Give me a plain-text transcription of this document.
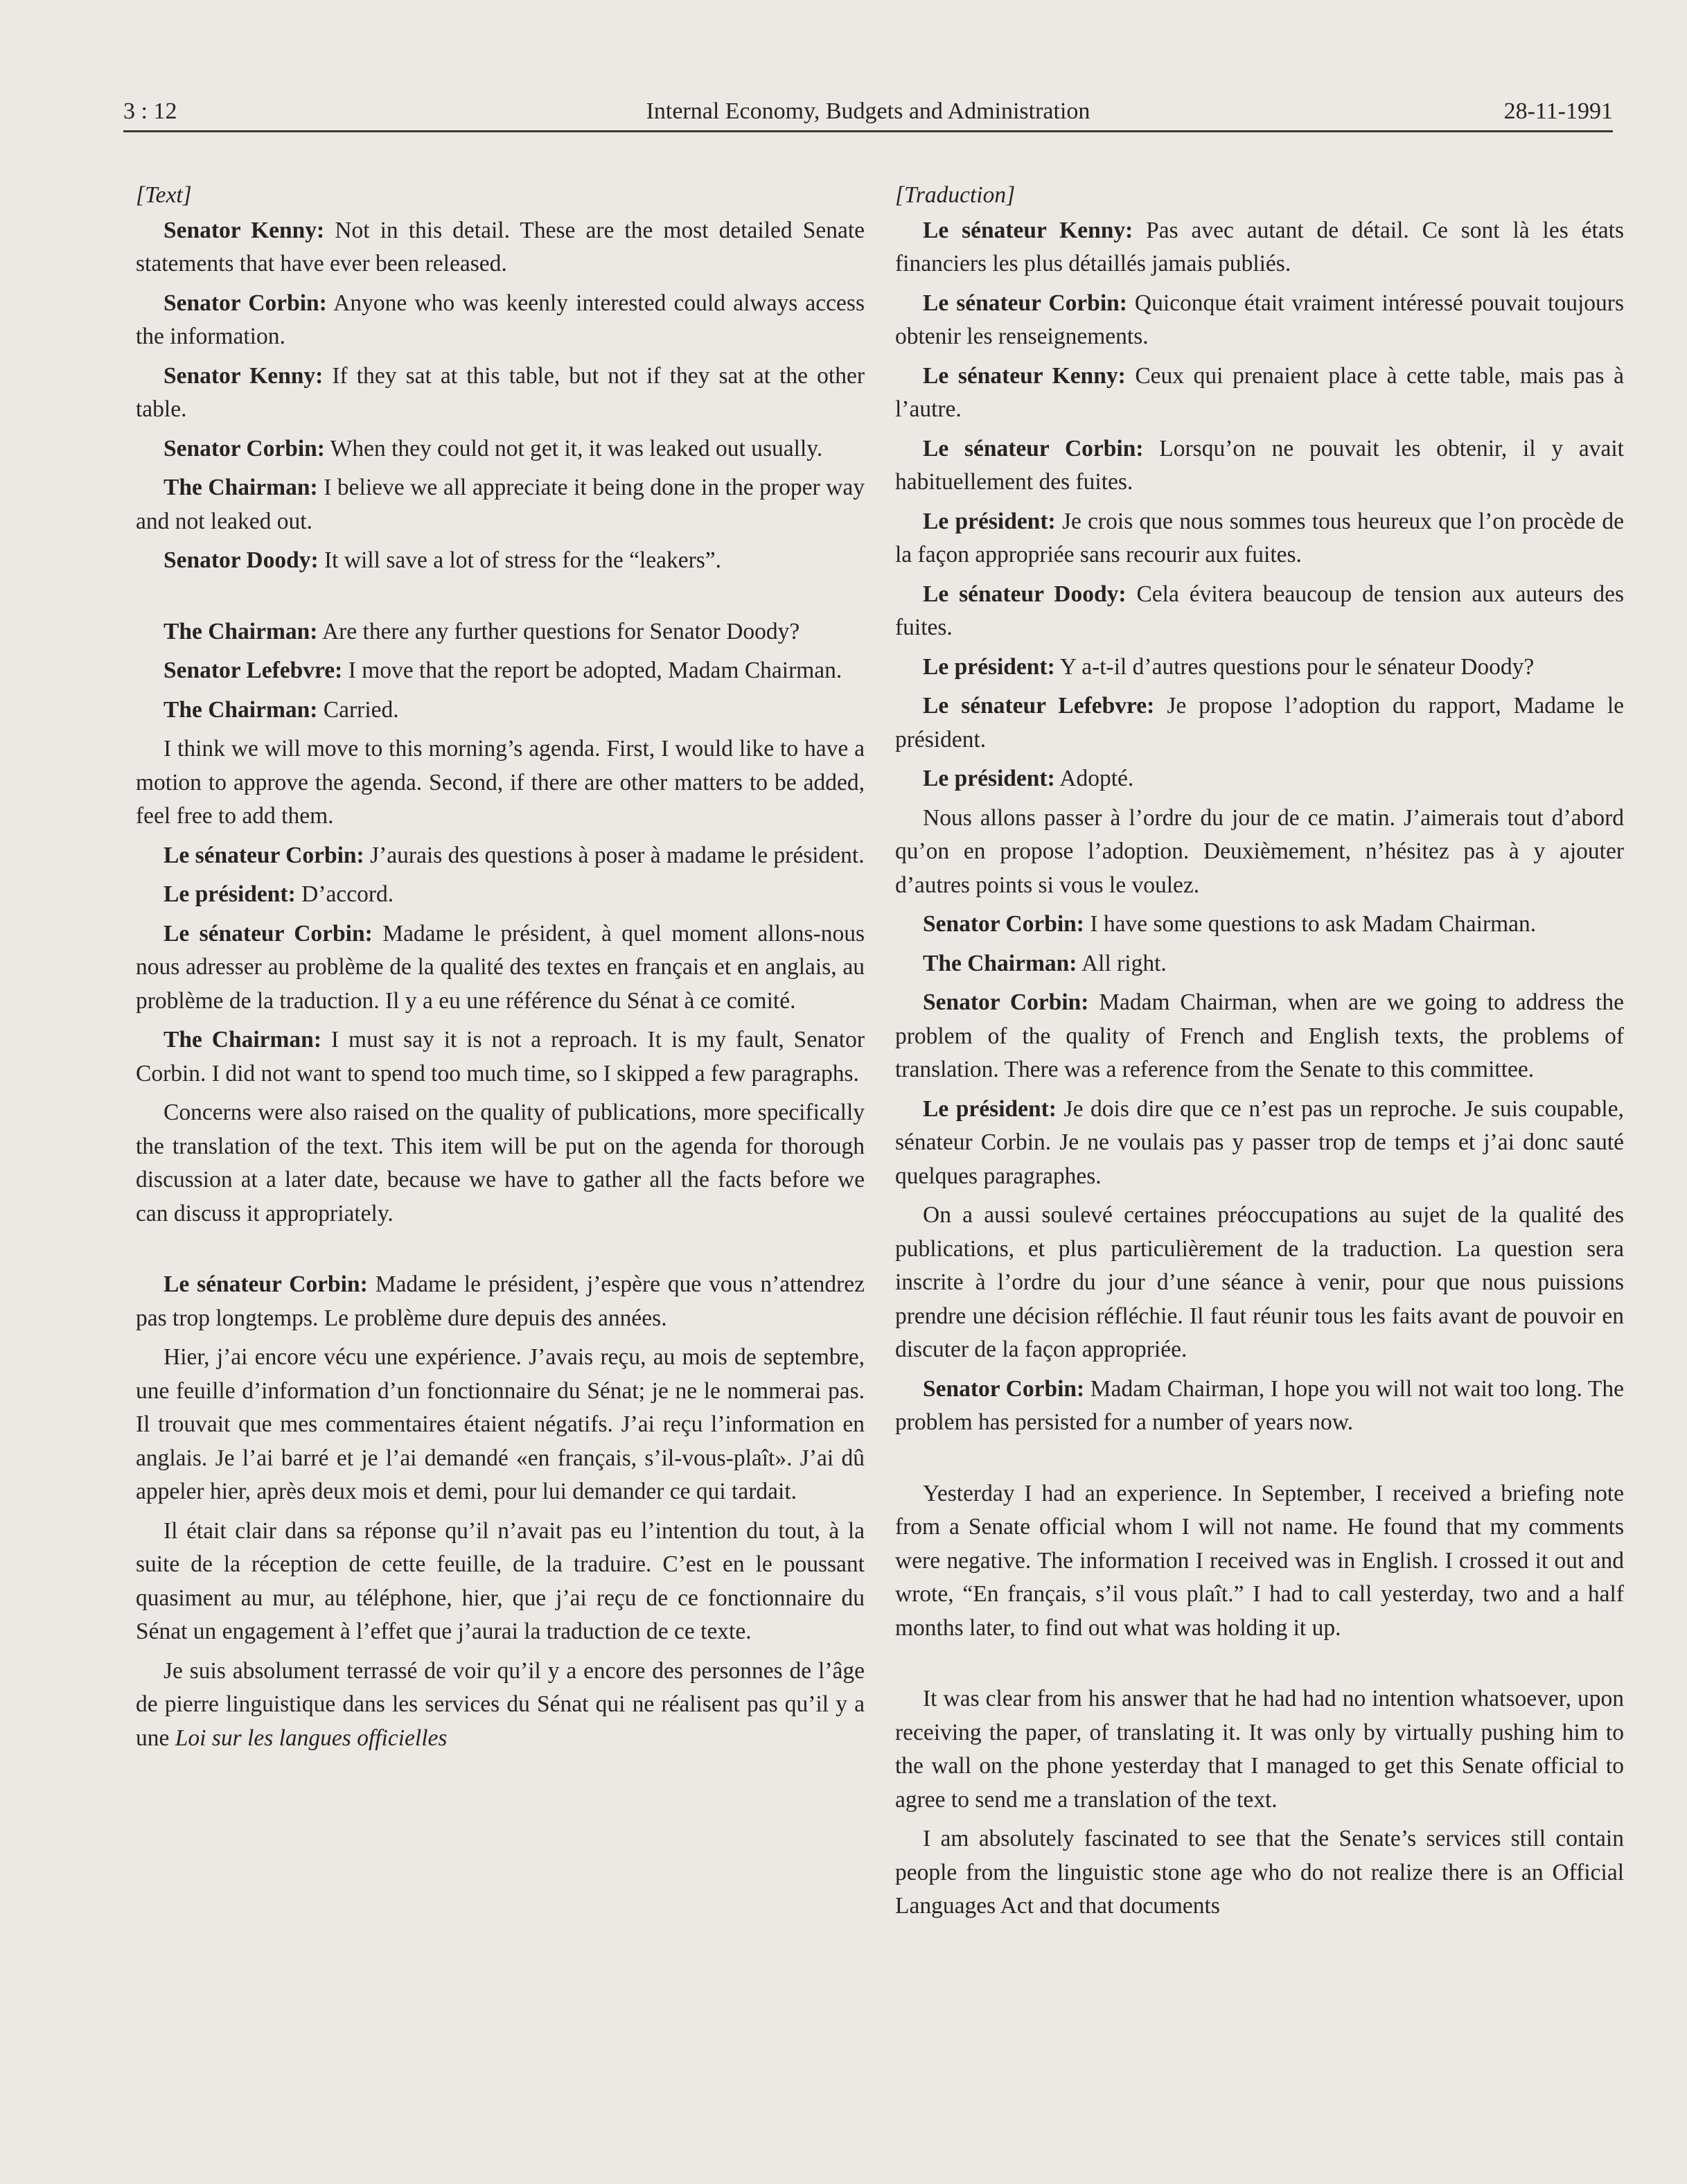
3 : 12	Internal Economy, Budgets and Administration	28-11-1991

[Text]

Senator Kenny: Not in this detail. These are the most detailed Senate statements that have ever been released.

Senator Corbin: Anyone who was keenly interested could always access the information.

Senator Kenny: If they sat at this table, but not if they sat at the other table.

Senator Corbin: When they could not get it, it was leaked out usually.

The Chairman: I believe we all appreciate it being done in the proper way and not leaked out.

Senator Doody: It will save a lot of stress for the “leakers”.

The Chairman: Are there any further questions for Senator Doody?

Senator Lefebvre: I move that the report be adopted, Madam Chairman.

The Chairman: Carried.

I think we will move to this morning’s agenda. First, I would like to have a motion to approve the agenda. Second, if there are other matters to be added, feel free to add them.

Le sénateur Corbin: J’aurais des questions à poser à madame le président.

Le président: D’accord.

Le sénateur Corbin: Madame le président, à quel moment allons-nous nous adresser au problème de la qualité des textes en français et en anglais, au problème de la traduction. Il y a eu une référence du Sénat à ce comité.

The Chairman: I must say it is not a reproach. It is my fault, Senator Corbin. I did not want to spend too much time, so I skipped a few paragraphs.

Concerns were also raised on the quality of publications, more specifically the translation of the text. This item will be put on the agenda for thorough discussion at a later date, because we have to gather all the facts before we can discuss it appropriately.

Le sénateur Corbin: Madame le président, j’espère que vous n’attendrez pas trop longtemps. Le problème dure depuis des années.

Hier, j’ai encore vécu une expérience. J’avais reçu, au mois de septembre, une feuille d’information d’un fonctionnaire du Sénat; je ne le nommerai pas. Il trouvait que mes commentaires étaient négatifs. J’ai reçu l’information en anglais. Je l’ai barré et je l’ai demandé «en français, s’il-vous-plaît». J’ai dû appeler hier, après deux mois et demi, pour lui demander ce qui tardait.

Il était clair dans sa réponse qu’il n’avait pas eu l’intention du tout, à la suite de la réception de cette feuille, de la traduire. C’est en le poussant quasiment au mur, au téléphone, hier, que j’ai reçu de ce fonctionnaire du Sénat un engagement à l’effet que j’aurai la traduction de ce texte.

Je suis absolument terrassé de voir qu’il y a encore des personnes de l’âge de pierre linguistique dans les services du Sénat qui ne réalisent pas qu’il y a une Loi sur les langues officielles

[Traduction]

Le sénateur Kenny: Pas avec autant de détail. Ce sont là les états financiers les plus détaillés jamais publiés.

Le sénateur Corbin: Quiconque était vraiment intéressé pouvait toujours obtenir les renseignements.

Le sénateur Kenny: Ceux qui prenaient place à cette table, mais pas à l’autre.

Le sénateur Corbin: Lorsqu’on ne pouvait les obtenir, il y avait habituellement des fuites.

Le président: Je crois que nous sommes tous heureux que l’on procède de la façon appropriée sans recourir aux fuites.

Le sénateur Doody: Cela évitera beaucoup de tension aux auteurs des fuites.

Le président: Y a-t-il d’autres questions pour le sénateur Doody?

Le sénateur Lefebvre: Je propose l’adoption du rapport, Madame le président.

Le président: Adopté.

Nous allons passer à l’ordre du jour de ce matin. J’aimerais tout d’abord qu’on en propose l’adoption. Deuxièmement, n’hésitez pas à y ajouter d’autres points si vous le voulez.

Senator Corbin: I have some questions to ask Madam Chairman.

The Chairman: All right.

Senator Corbin: Madam Chairman, when are we going to address the problem of the quality of French and English texts, the problems of translation. There was a reference from the Senate to this committee.

Le président: Je dois dire que ce n’est pas un reproche. Je suis coupable, sénateur Corbin. Je ne voulais pas y passer trop de temps et j’ai donc sauté quelques paragraphes.

On a aussi soulevé certaines préoccupations au sujet de la qualité des publications, et plus particulièrement de la traduction. La question sera inscrite à l’ordre du jour d’une séance à venir, pour que nous puissions prendre une décision réfléchie. Il faut réunir tous les faits avant de pouvoir en discuter de la façon appropriée.

Senator Corbin: Madam Chairman, I hope you will not wait too long. The problem has persisted for a number of years now.

Yesterday I had an experience. In September, I received a briefing note from a Senate official whom I will not name. He found that my comments were negative. The information I received was in English. I crossed it out and wrote, “En français, s’il vous plaît.” I had to call yesterday, two and a half months later, to find out what was holding it up.

It was clear from his answer that he had had no intention whatsoever, upon receiving the paper, of translating it. It was only by virtually pushing him to the wall on the phone yesterday that I managed to get this Senate official to agree to send me a translation of the text.

I am absolutely fascinated to see that the Senate’s services still contain people from the linguistic stone age who do not realize there is an Official Languages Act and that documents
